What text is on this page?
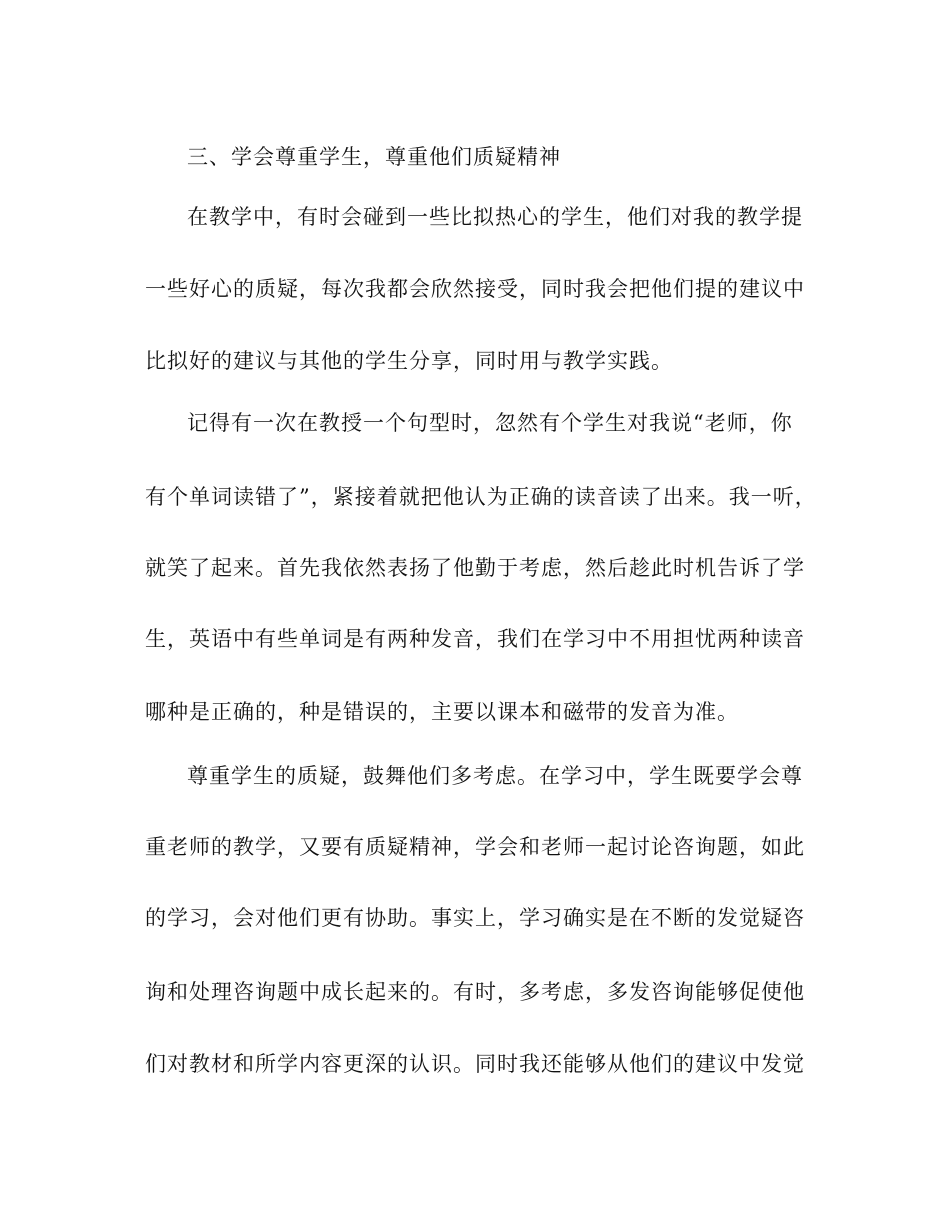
三、学会尊重学生，尊重他们质疑精神
在教学中，有时会碰到一些比拟热心的学生，他们对我的教学提
一些好心的质疑，每次我都会欣然接受，同时我会把他们提的建议中
比拟好的建议与其他的学生分享，同时用与教学实践。
记得有一次在教授一个句型时，忽然有个学生对我说“老师，你
有个单词读错了”，紧接着就把他认为正确的读音读了出来。我一听，
就笑了起来。首先我依然表扬了他勤于考虑，然后趁此时机告诉了学
生，英语中有些单词是有两种发音，我们在学习中不用担忧两种读音
哪种是正确的，种是错误的，主要以课本和磁带的发音为准。
尊重学生的质疑，鼓舞他们多考虑。在学习中，学生既要学会尊
重老师的教学，又要有质疑精神，学会和老师一起讨论咨询题，如此
的学习，会对他们更有协助。事实上，学习确实是在不断的发觉疑咨
询和处理咨询题中成长起来的。有时，多考虑，多发咨询能够促使他
们对教材和所学内容更深的认识。同时我还能够从他们的建议中发觉
